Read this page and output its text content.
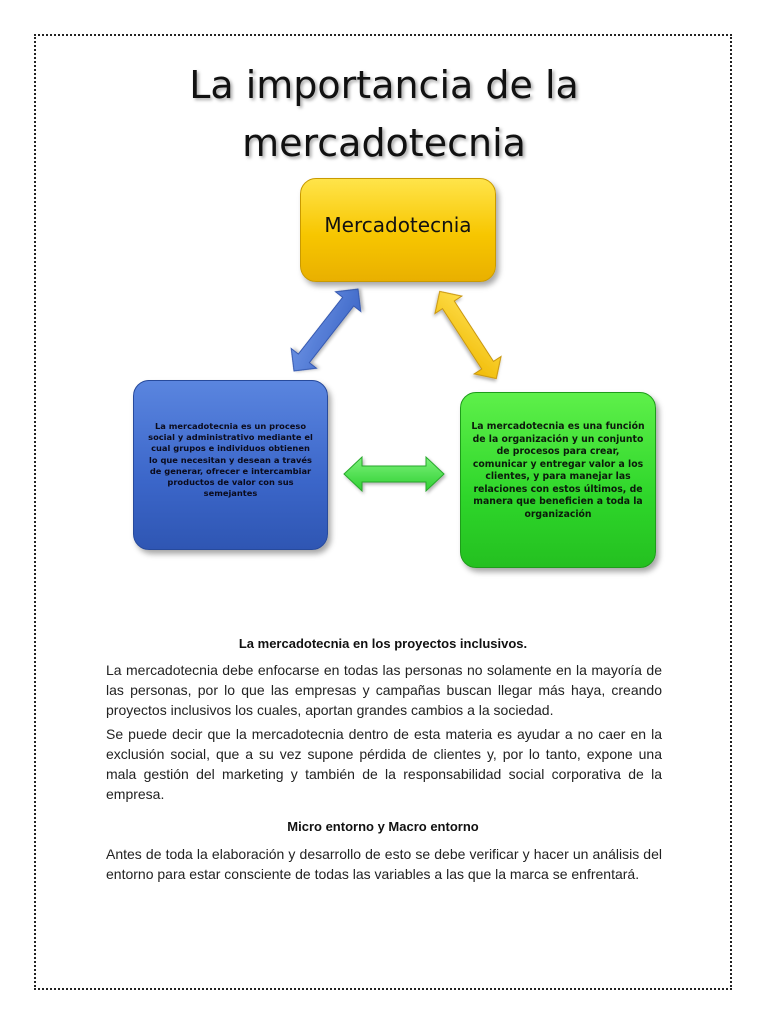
La importancia de la mercadotecnia
Mercadotecnia
La mercadotecnia es un proceso social y administrativo mediante el cual grupos e individuos obtienen lo que necesitan y desean a través de generar, ofrecer e intercambiar productos de valor con sus semejantes
La mercadotecnia es una función de la organización y un conjunto de procesos para crear, comunicar y entregar valor a los clientes, y para manejar las relaciones con estos últimos, de manera que beneficien a toda la organización
La mercadotecnia en los proyectos inclusivos.

La mercadotecnia debe enfocarse en todas las personas no solamente en la mayoría de las personas, por lo que las empresas y campañas buscan llegar más haya, creando proyectos inclusivos los cuales, aportan grandes cambios a la sociedad.

Se puede decir que la mercadotecnia dentro de esta materia es ayudar a no caer en la exclusión social, que a su vez supone pérdida de clientes y, por lo tanto, expone una mala gestión del marketing y también de la responsabilidad social corporativa de la empresa.

Micro entorno y Macro entorno

Antes de toda la elaboración y desarrollo de esto se debe verificar y hacer un análisis del entorno para estar consciente de todas las variables a las que la marca se enfrentará.
